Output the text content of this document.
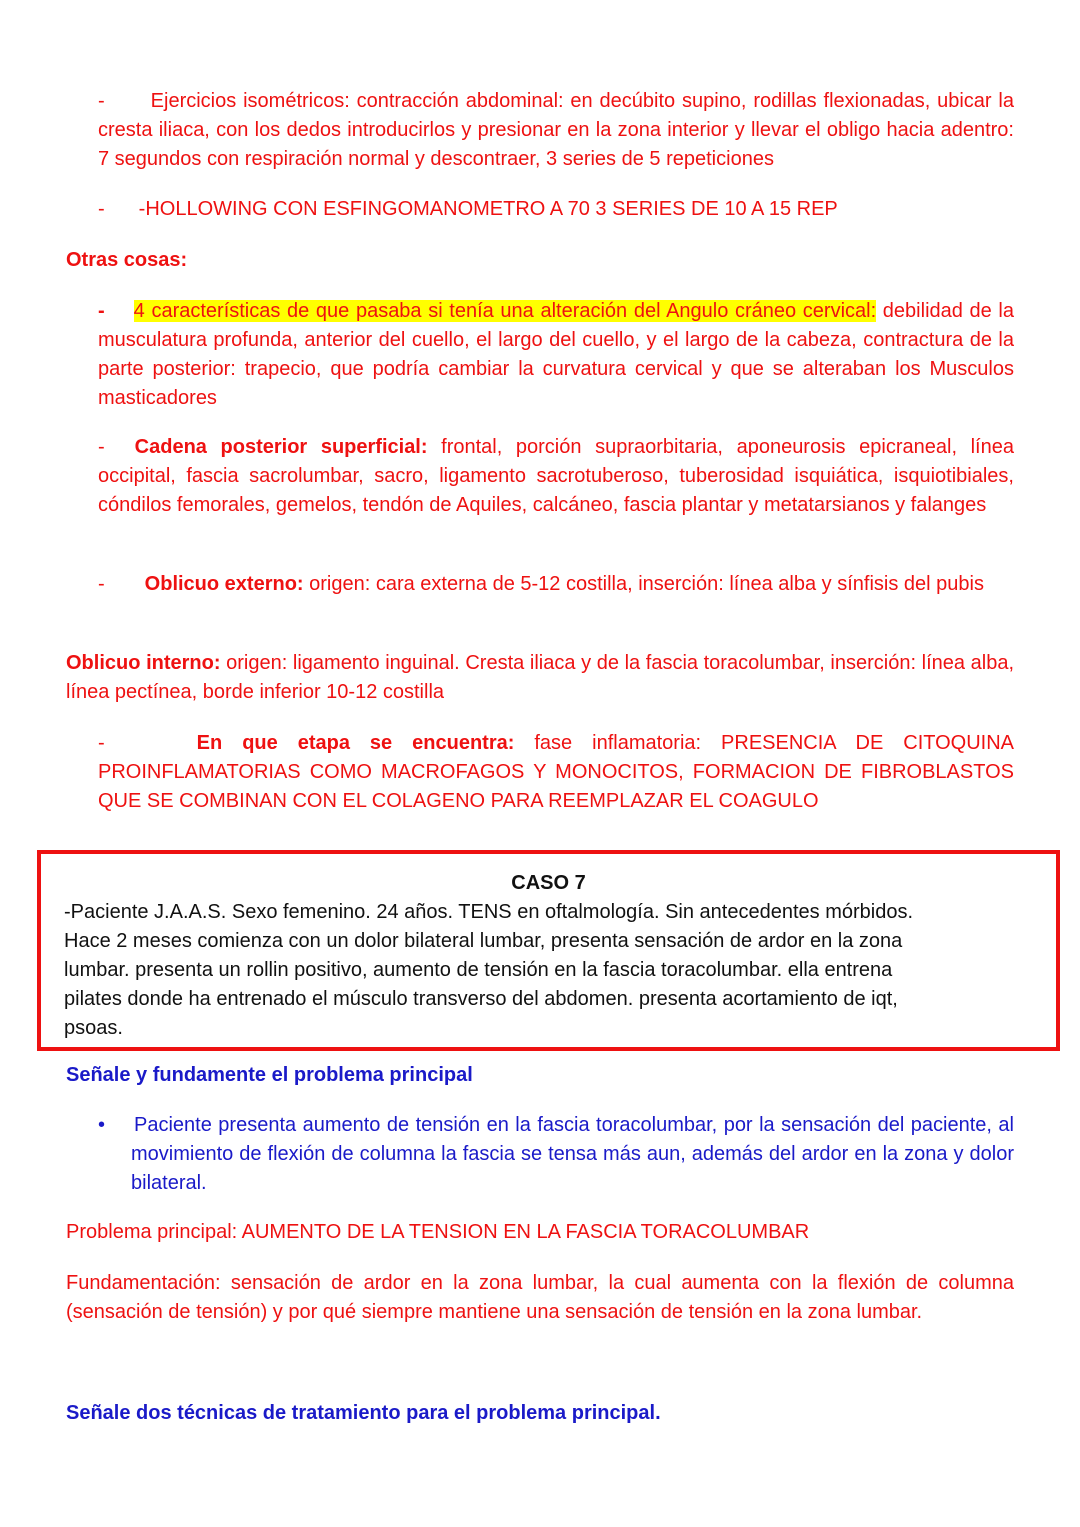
- Ejercicios isométricos: contracción abdominal: en decúbito supino, rodillas flexionadas, ubicar la cresta iliaca, con los dedos introducirlos y presionar en la zona interior y llevar el obligo hacia adentro: 7 segundos con respiración normal y descontraer, 3 series de 5 repeticiones

- -HOLLOWING CON ESFINGOMANOMETRO A 70 3 SERIES DE 10 A 15 REP

Otras cosas:

- 4 características de que pasaba si tenía una alteración del Angulo cráneo cervical: debilidad de la musculatura profunda, anterior del cuello, el largo del cuello, y el largo de la cabeza, contractura de la parte posterior: trapecio, que podría cambiar la curvatura cervical y que se alteraban los Musculos masticadores

- Cadena posterior superficial: frontal, porción supraorbitaria, aponeurosis epicraneal, línea occipital, fascia sacrolumbar, sacro, ligamento sacrotuberoso, tuberosidad isquiática, isquiotibiales, cóndilos femorales, gemelos, tendón de Aquiles, calcáneo, fascia plantar y metatarsianos y falanges

- Oblicuo externo: origen: cara externa de 5-12 costilla, inserción: línea alba y sínfisis del pubis

Oblicuo interno: origen: ligamento inguinal. Cresta iliaca y de la fascia toracolumbar, inserción: línea alba, línea pectínea, borde inferior 10-12 costilla

-	En que etapa se encuentra: fase inflamatoria: PRESENCIA DE CITOQUINA PROINFLAMATORIAS COMO MACROFAGOS Y MONOCITOS, FORMACION DE FIBROBLASTOS QUE SE COMBINAN CON EL COLAGENO PARA REEMPLAZAR EL COAGULO

CASO 7
-Paciente J.A.A.S. Sexo femenino. 24 años. TENS en oftalmología. Sin antecedentes mórbidos.
Hace 2 meses comienza con un dolor bilateral lumbar, presenta sensación de ardor en la zona
lumbar. presenta un rollin positivo, aumento de tensión en la fascia toracolumbar. ella entrena
pilates donde ha entrenado el músculo transverso del abdomen. presenta acortamiento de iqt,
psoas.

Señale y fundamente el problema principal

• Paciente presenta aumento de tensión en la fascia toracolumbar, por la sensación del paciente, al movimiento de flexión de columna la fascia se tensa más aun, además del ardor en la zona y dolor bilateral.

Problema principal: AUMENTO DE LA TENSION EN LA FASCIA TORACOLUMBAR

Fundamentación: sensación de ardor en la zona lumbar, la cual aumenta con la flexión de columna (sensación de tensión) y por qué siempre mantiene una sensación de tensión en la zona lumbar.

Señale dos técnicas de tratamiento para el problema principal.
